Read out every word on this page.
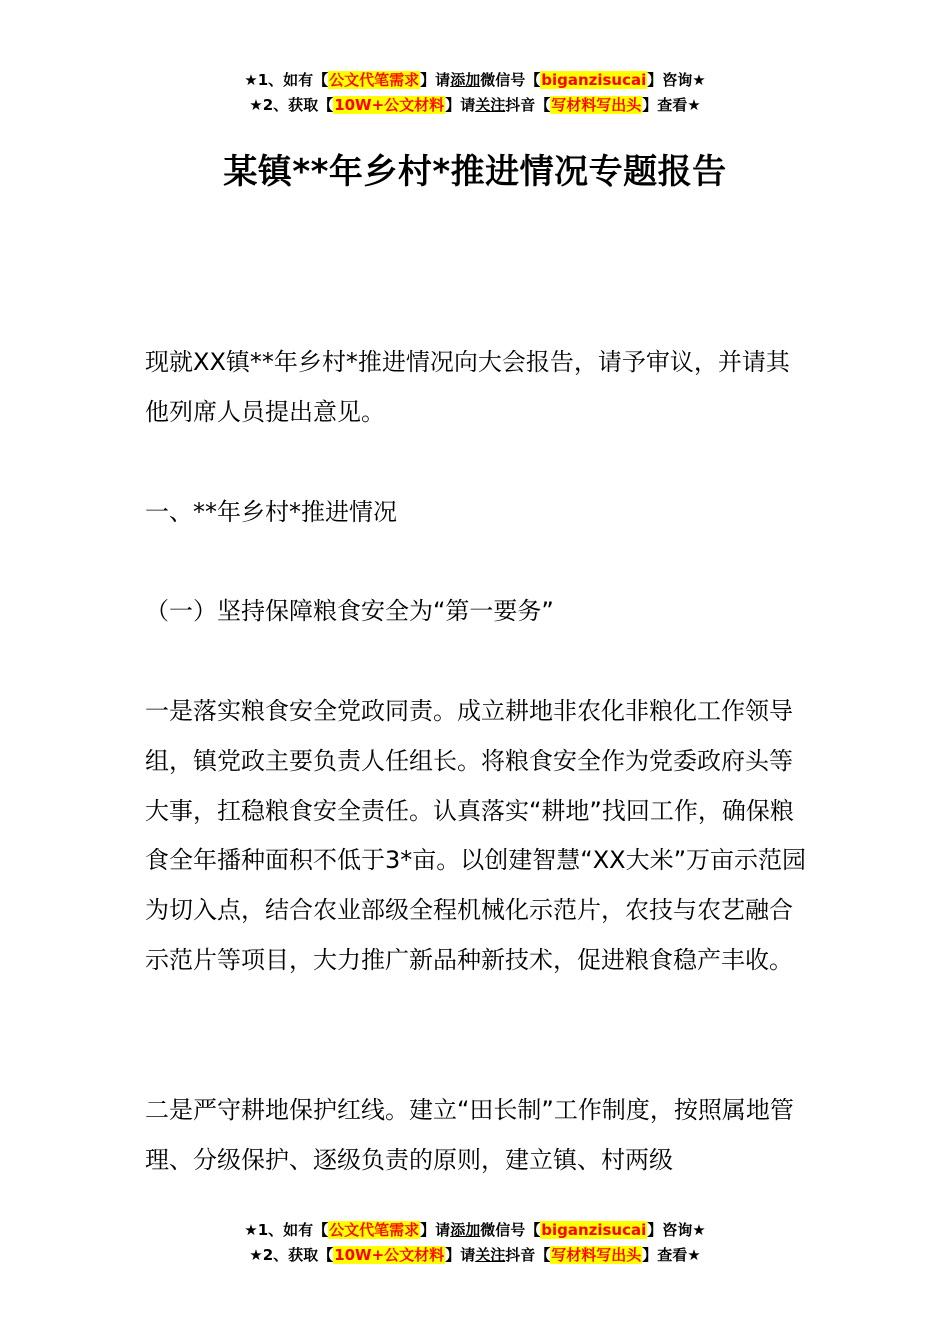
★1、如有【公文代笔需求】请添加微信号【biganzisucai】咨询★
★2、获取【10W+公文材料】请关注抖音【写材料写出头】查看★
某镇**年乡村*推进情况专题报告

现就XX镇**年乡村*推进情况向大会报告，请予审议，并请其他列席人员提出意见。

一、**年乡村*推进情况

（一）坚持保障粮食安全为“第一要务”

一是落实粮食安全党政同责。成立耕地非农化非粮化工作领导组，镇党政主要负责人任组长。将粮食安全作为党委政府头等大事，扛稳粮食安全责任。认真落实“耕地”找回工作，确保粮食全年播种面积不低于3*亩。以创建智慧“XX大米”万亩示范园为切入点，结合农业部级全程机械化示范片，农技与农艺融合示范片等项目，大力推广新品种新技术，促进粮食稳产丰收。

二是严守耕地保护红线。建立“田长制”工作制度，按照属地管理、分级保护、逐级负责的原则，建立镇、村两级

★1、如有【公文代笔需求】请添加微信号【biganzisucai】咨询★
★2、获取【10W+公文材料】请关注抖音【写材料写出头】查看★
